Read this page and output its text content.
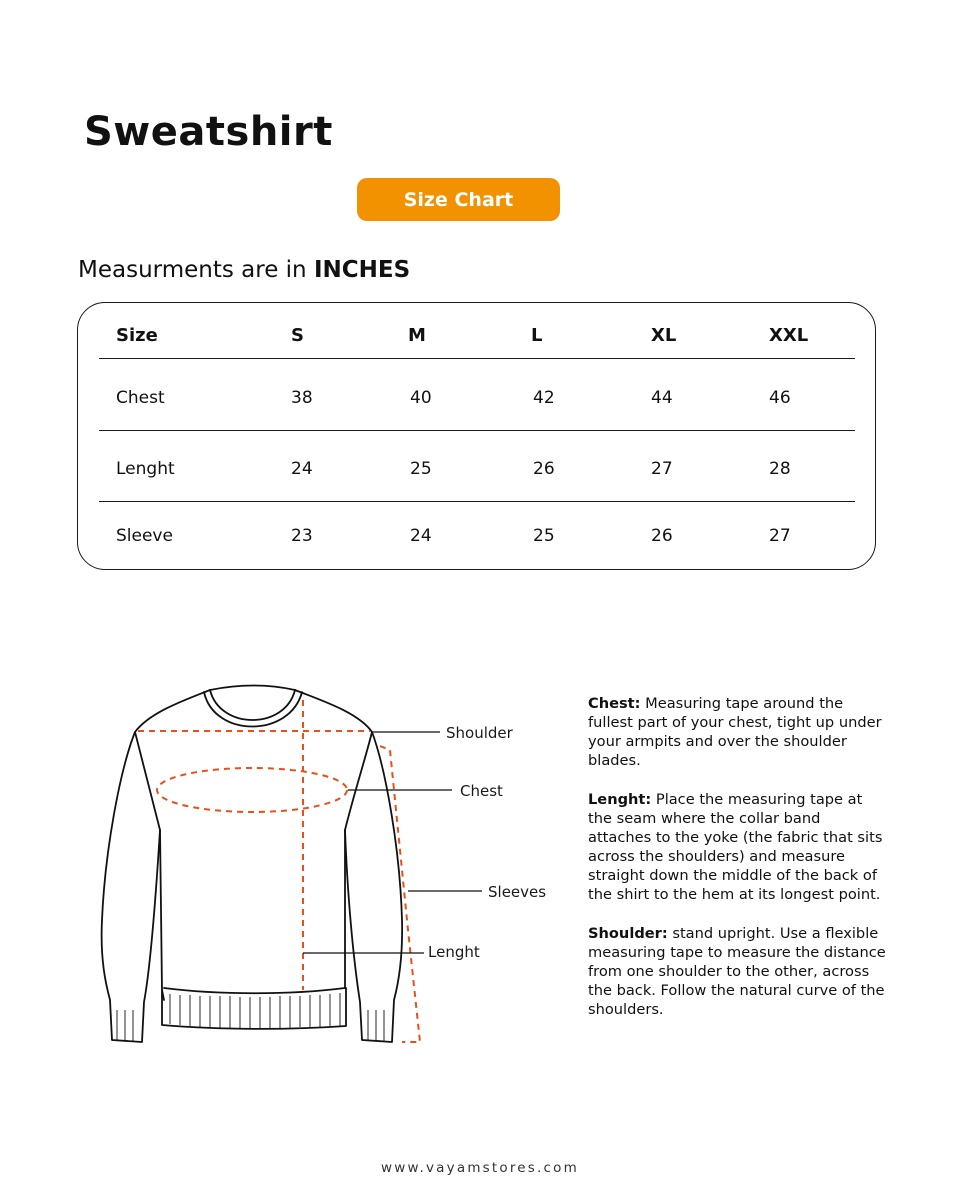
Sweatshirt
Size Chart
Measurments are in INCHES
Size	S	M	L	XL	XXL
Chest	38	40	42	44	46
Lenght	24	25	26	27	28
Sleeve	23	24	25	26	27
Shoulder
Chest
Sleeves
Lenght

Chest: Measuring tape around the fullest part of your chest, tight up under your armpits and over the shoulder blades.

Lenght: Place the measuring tape at the seam where the collar band attaches to the yoke (the fabric that sits across the shoulders) and measure straight down the middle of the back of the shirt to the hem at its longest point.

Shoulder: stand upright. Use a flexible measuring tape to measure the distance from one shoulder to the other, across the back. Follow the natural curve of the shoulders.

www.vayamstores.com
